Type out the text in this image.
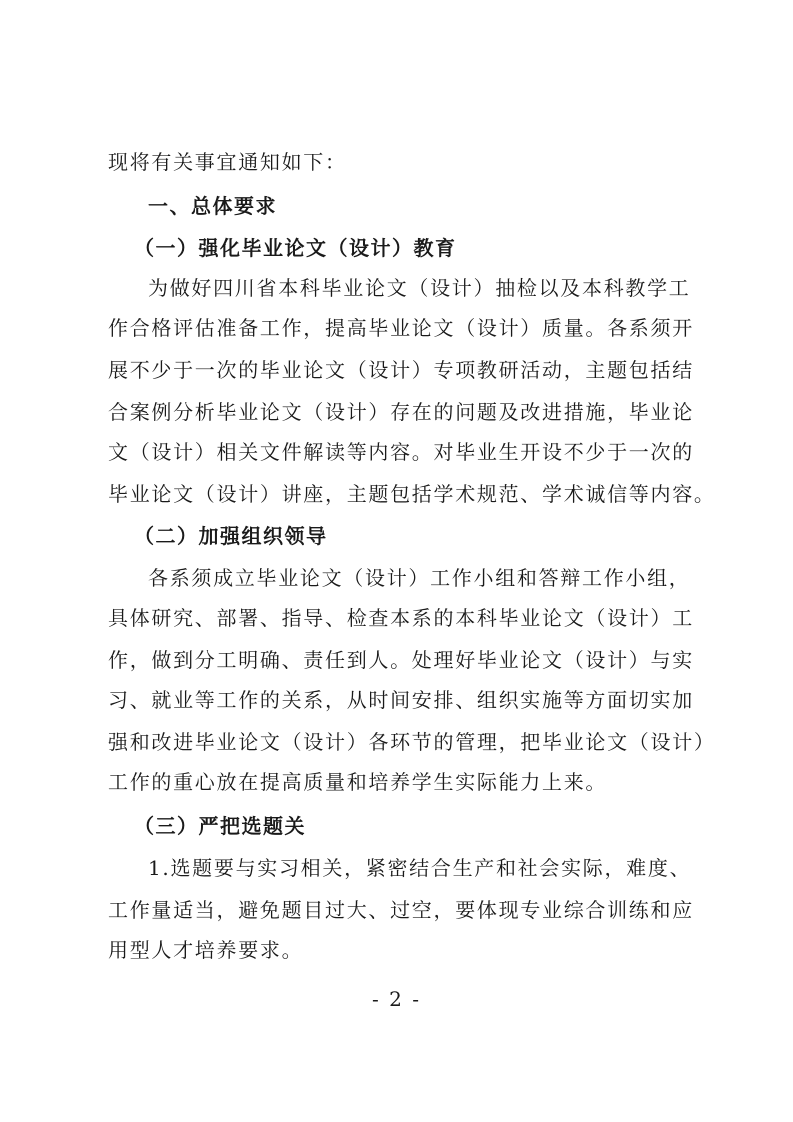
现将有关事宜通知如下：
一、总体要求
（一）强化毕业论文（设计）教育
为做好四川省本科毕业论文（设计）抽检以及本科教学工
作合格评估准备工作，提高毕业论文（设计）质量。各系须开
展不少于一次的毕业论文（设计）专项教研活动，主题包括结
合案例分析毕业论文（设计）存在的问题及改进措施，毕业论
文（设计）相关文件解读等内容。对毕业生开设不少于一次的
毕业论文（设计）讲座，主题包括学术规范、学术诚信等内容。
（二）加强组织领导
各系须成立毕业论文（设计）工作小组和答辩工作小组，
具体研究、部署、指导、检查本系的本科毕业论文（设计）工
作，做到分工明确、责任到人。处理好毕业论文（设计）与实
习、就业等工作的关系，从时间安排、组织实施等方面切实加
强和改进毕业论文（设计）各环节的管理，把毕业论文（设计）
工作的重心放在提高质量和培养学生实际能力上来。
（三）严把选题关
1.选题要与实习相关，紧密结合生产和社会实际，难度、
工作量适当，避免题目过大、过空，要体现专业综合训练和应
用型人才培养要求。
- 2 -
